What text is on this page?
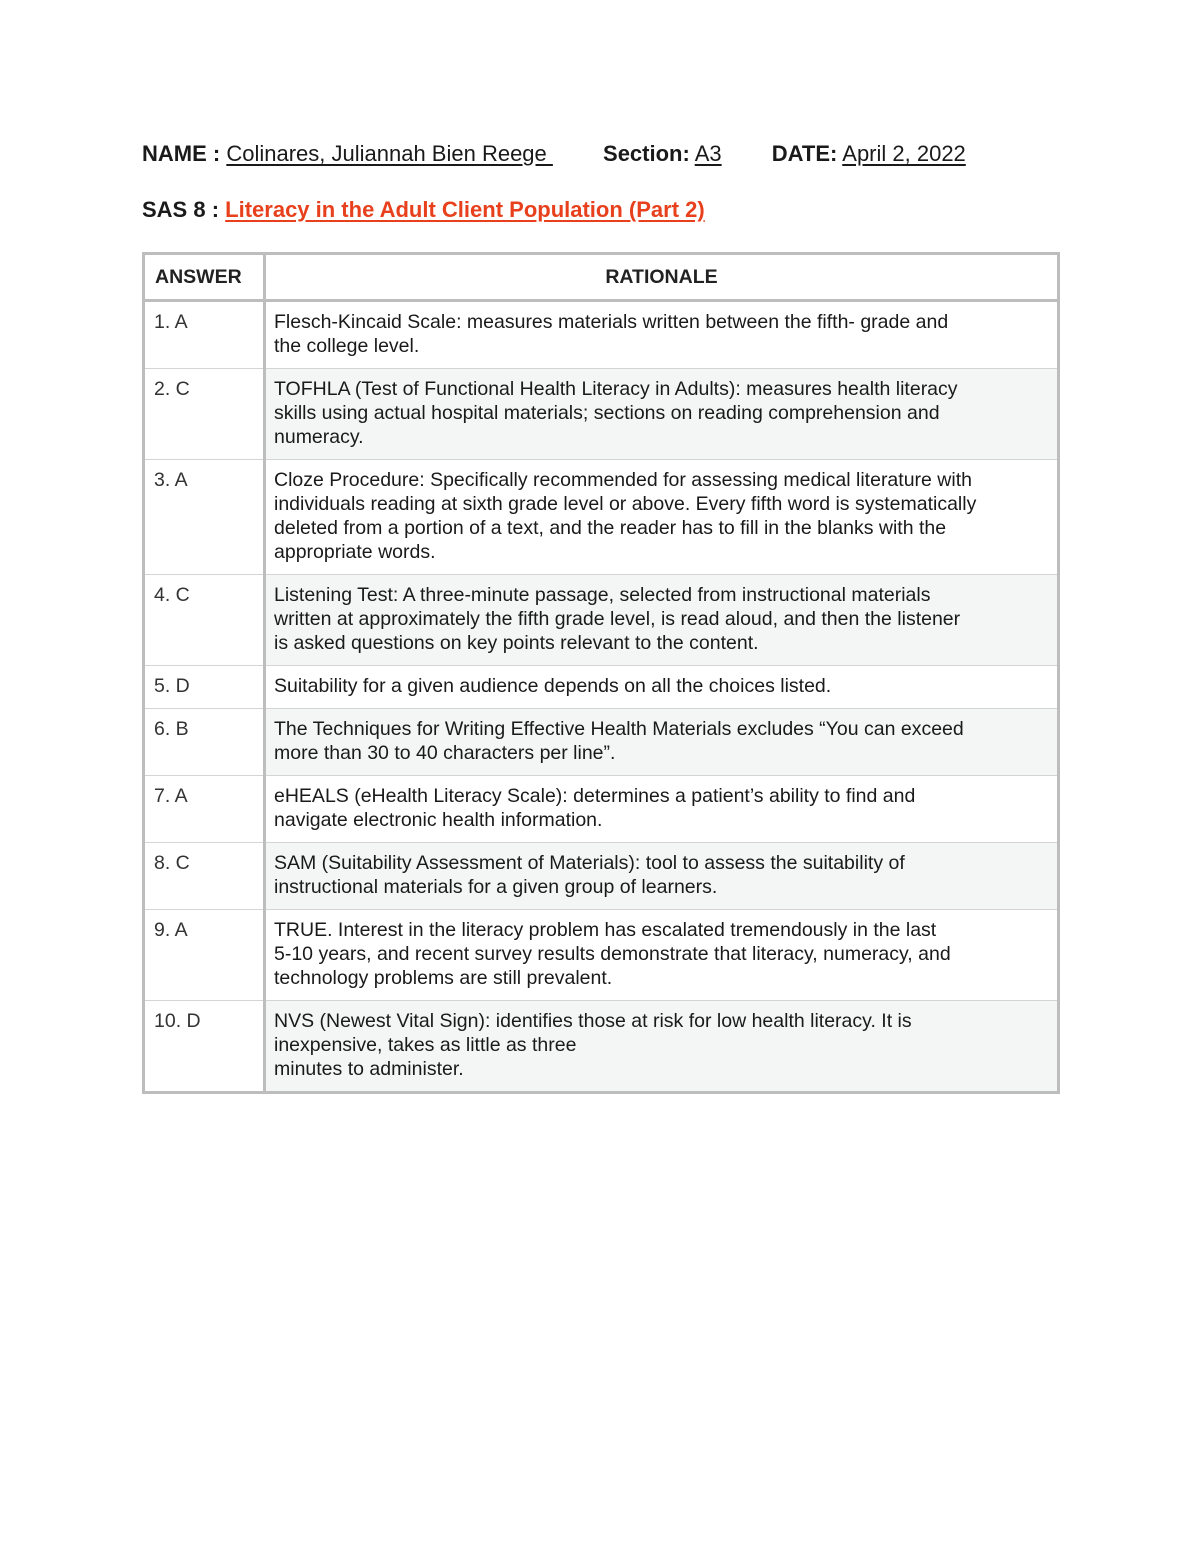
NAME : Colinares, Juliannah Bien Reege  Section: A3 DATE: April 2, 2022
SAS 8 : Literacy in the Adult Client Population (Part 2)
ANSWER	RATIONALE
1. A	Flesch-Kincaid Scale: measures materials written between the fifth- grade and
the college level.

2. C	TOFHLA (Test of Functional Health Literacy in Adults): measures health literacy
skills using actual hospital materials; sections on reading comprehension and
numeracy.

3. A	Cloze Procedure: Specifically recommended for assessing medical literature with
individuals reading at sixth grade level or above. Every fifth word is systematically
deleted from a portion of a text, and the reader has to fill in the blanks with the
appropriate words.

4. C	Listening Test: A three-minute passage, selected from instructional materials
written at approximately the fifth grade level, is read aloud, and then the listener
is asked questions on key points relevant to the content.

5. D	Suitability for a given audience depends on all the choices listed.

6. B	The Techniques for Writing Effective Health Materials excludes “You can exceed
more than 30 to 40 characters per line”.

7. A	eHEALS (eHealth Literacy Scale): determines a patient’s ability to find and
navigate electronic health information.

8. C	SAM (Suitability Assessment of Materials): tool to assess the suitability of
instructional materials for a given group of learners.

9. A	TRUE. Interest in the literacy problem has escalated tremendously in the last
5-10 years, and recent survey results demonstrate that literacy, numeracy, and
technology problems are still prevalent.

10. D	NVS (Newest Vital Sign): identifies those at risk for low health literacy. It is
inexpensive, takes as little as three
minutes to administer.
